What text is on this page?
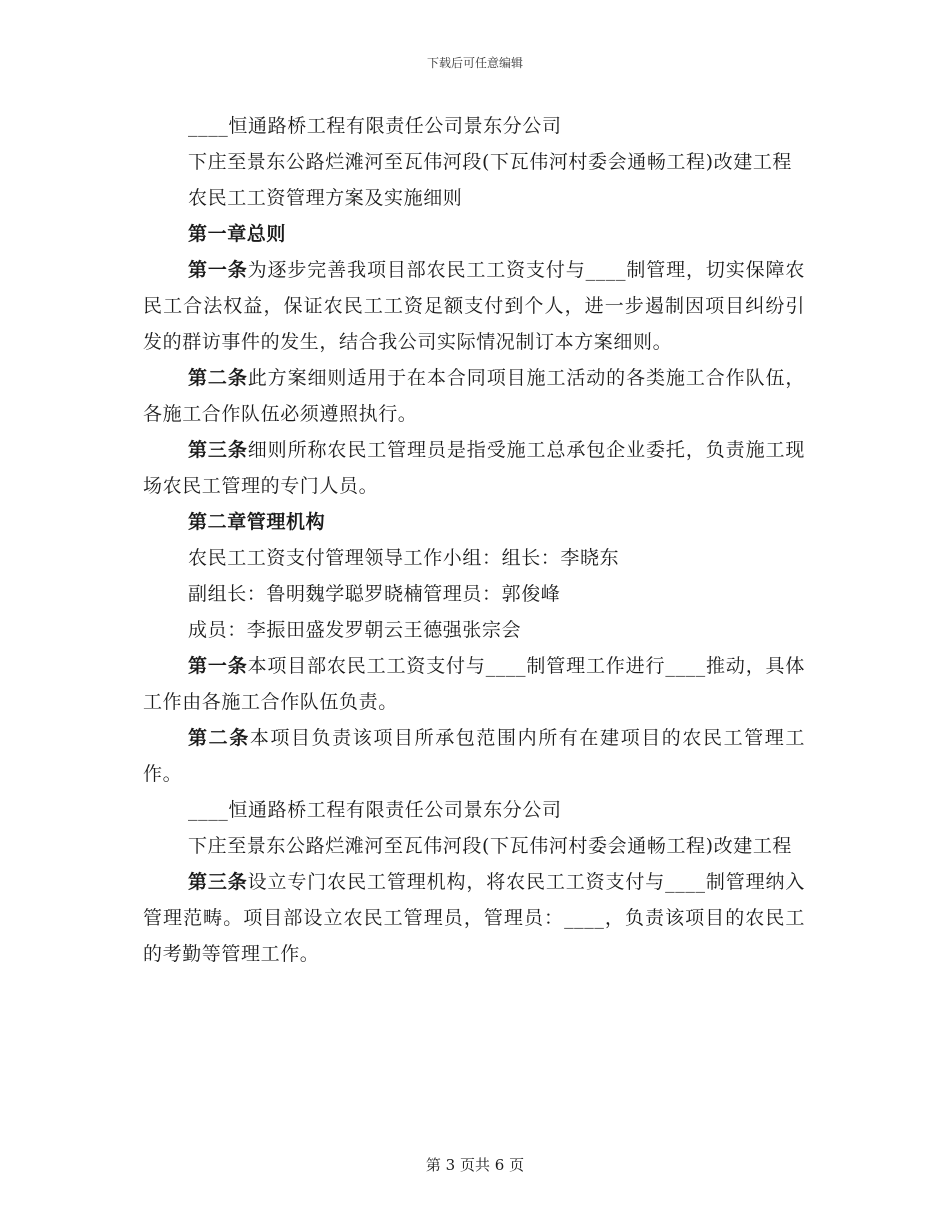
下载后可任意编辑

____恒通路桥工程有限责任公司景东分公司

下庄至景东公路烂滩河至瓦伟河段(下瓦伟河村委会通畅工程)改建工程

农民工工资管理方案及实施细则

第一章总则

第一条为逐步完善我项目部农民工工资支付与____制管理，切实保障农民工合法权益，保证农民工工资足额支付到个人，进一步遏制因项目纠纷引发的群访事件的发生，结合我公司实际情况制订本方案细则。

第二条此方案细则适用于在本合同项目施工活动的各类施工合作队伍，各施工合作队伍必须遵照执行。

第三条细则所称农民工管理员是指受施工总承包企业委托，负责施工现场农民工管理的专门人员。

第二章管理机构

农民工工资支付管理领导工作小组：组长：李晓东

副组长：鲁明魏学聪罗晓楠管理员：郭俊峰

成员：李振田盛发罗朝云王德强张宗会

第一条本项目部农民工工资支付与____制管理工作进行____推动，具体工作由各施工合作队伍负责。

第二条本项目负责该项目所承包范围内所有在建项目的农民工管理工作。

____恒通路桥工程有限责任公司景东分公司

下庄至景东公路烂滩河至瓦伟河段(下瓦伟河村委会通畅工程)改建工程

第三条设立专门农民工管理机构，将农民工工资支付与____制管理纳入管理范畴。项目部设立农民工管理员，管理员：____，负责该项目的农民工的考勤等管理工作。

第 3 页共 6 页
